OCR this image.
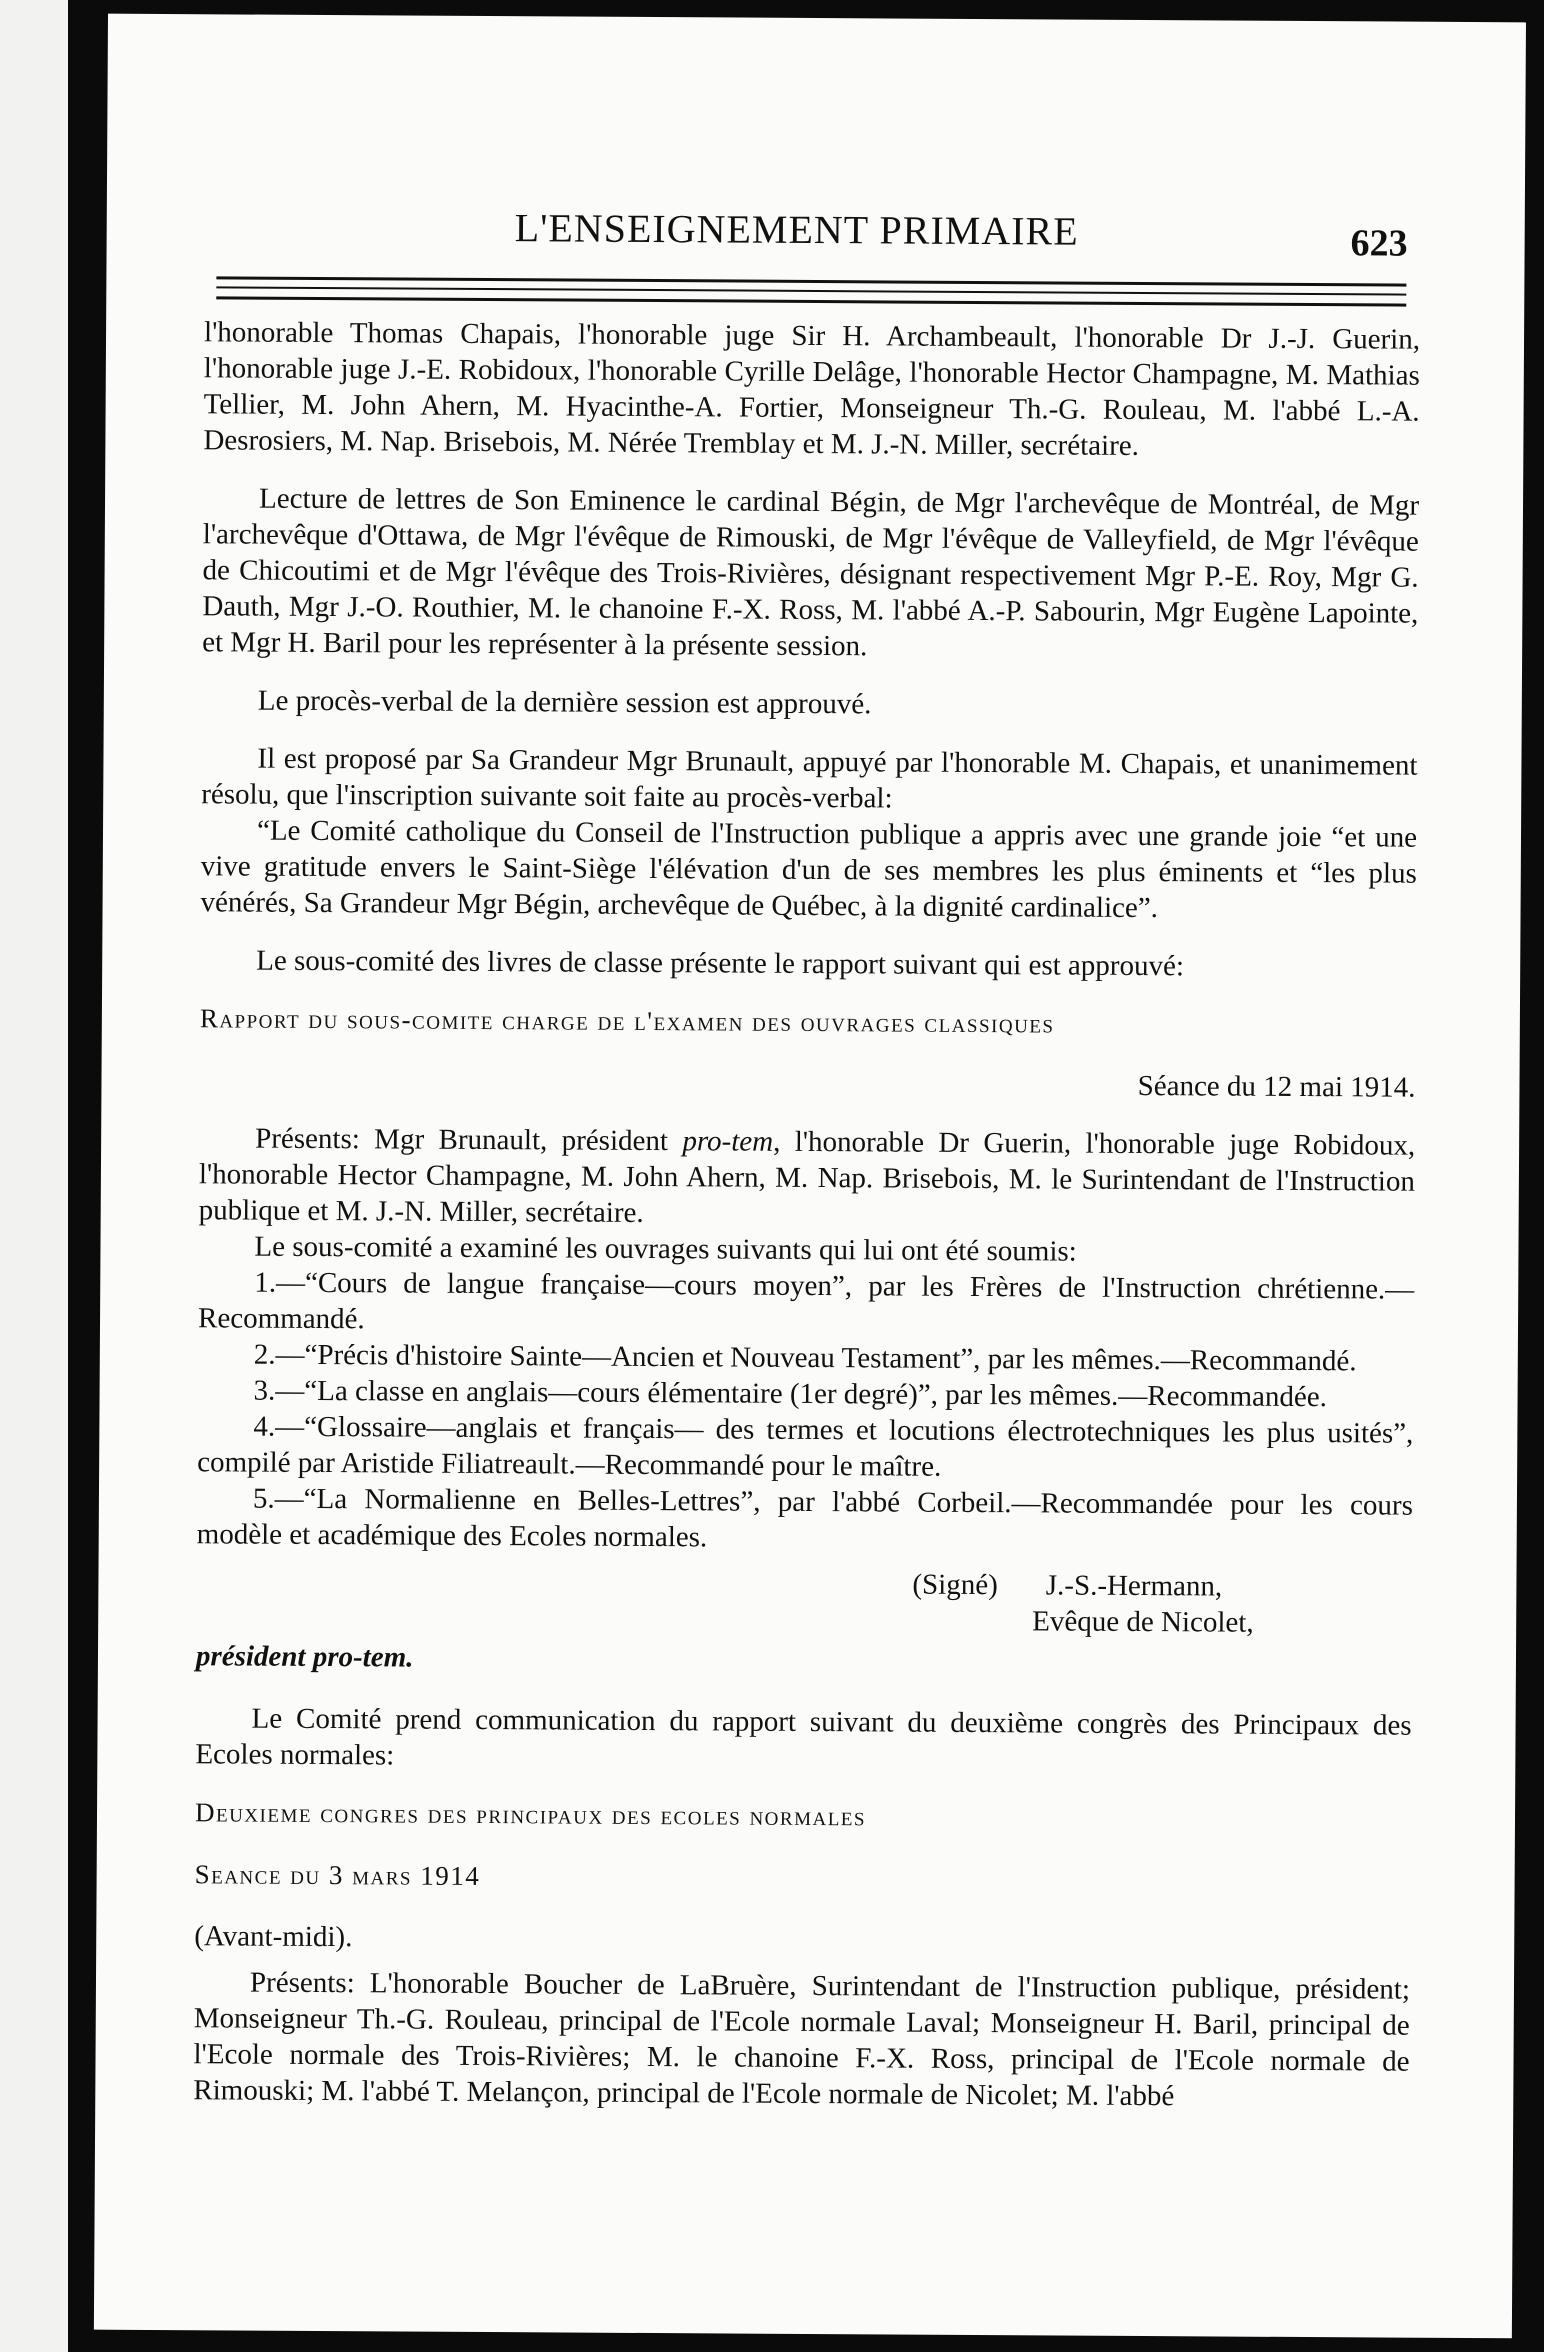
L'ENSEIGNEMENT PRIMAIRE	623

l'honorable Thomas Chapais, l'honorable juge Sir H. Archambeault, l'honorable Dr J.-J. Guerin, l'honorable juge J.-E. Robidoux, l'honorable Cyrille Delâge, l'honorable Hector Champagne, M. Mathias Tellier, M. John Ahern, M. Hyacinthe-A. Fortier, Monseigneur Th.-G. Rouleau, M. l'abbé L.-A. Desrosiers, M. Nap. Brisebois, M. Nérée Tremblay et M. J.-N. Miller, secrétaire.

Lecture de lettres de Son Eminence le cardinal Bégin, de Mgr l'archevêque de Montréal, de Mgr l'archevêque d'Ottawa, de Mgr l'évêque de Rimouski, de Mgr l'évêque de Valleyfield, de Mgr l'évêque de Chicoutimi et de Mgr l'évêque des Trois-Rivières, désignant respectivement Mgr P.-E. Roy, Mgr G. Dauth, Mgr J.-O. Routhier, M. le chanoine F.-X. Ross, M. l'abbé A.-P. Sabourin, Mgr Eugène Lapointe, et Mgr H. Baril pour les représenter à la présente session.

Le procès-verbal de la dernière session est approuvé.

Il est proposé par Sa Grandeur Mgr Brunault, appuyé par l'honorable M. Chapais, et unanimement résolu, que l'inscription suivante soit faite au procès-verbal:

“Le Comité catholique du Conseil de l'Instruction publique a appris avec une grande joie “et une vive gratitude envers le Saint-Siège l'élévation d'un de ses membres les plus éminents et “les plus vénérés, Sa Grandeur Mgr Bégin, archevêque de Québec, à la dignité cardinalice”.

Le sous-comité des livres de classe présente le rapport suivant qui est approuvé:

Rapport du sous-comite charge de l'examen des ouvrages classiques

Séance du 12 mai 1914.

Présents: Mgr Brunault, président pro-tem, l'honorable Dr Guerin, l'honorable juge Robidoux, l'honorable Hector Champagne, M. John Ahern, M. Nap. Brisebois, M. le Surintendant de l'Instruction publique et M. J.-N. Miller, secrétaire.

Le sous-comité a examiné les ouvrages suivants qui lui ont été soumis:

1.—“Cours de langue française—cours moyen”, par les Frères de l'Instruction chrétienne.—Recommandé.

2.—“Précis d'histoire Sainte—Ancien et Nouveau Testament”, par les mêmes.—Recommandé.

3.—“La classe en anglais—cours élémentaire (1er degré)”, par les mêmes.—Recommandée.

4.—“Glossaire—anglais et français— des termes et locutions électrotechniques les plus usités”, compilé par Aristide Filiatreault.—Recommandé pour le maître.

5.—“La Normalienne en Belles-Lettres”, par l'abbé Corbeil.—Recommandée pour les cours modèle et académique des Ecoles normales.

(Signé) J.-S.-Hermann,

Evêque de Nicolet,

président pro-tem.

Le Comité prend communication du rapport suivant du deuxième congrès des Principaux des Ecoles normales:

Deuxieme congres des principaux des ecoles normales

Seance du 3 mars 1914

(Avant-midi).

Présents: L'honorable Boucher de LaBruère, Surintendant de l'Instruction publique, président; Monseigneur Th.-G. Rouleau, principal de l'Ecole normale Laval; Monseigneur H. Baril, principal de l'Ecole normale des Trois-Rivières; M. le chanoine F.-X. Ross, principal de l'Ecole normale de Rimouski; M. l'abbé T. Melançon, principal de l'Ecole normale de Nicolet; M. l'abbé
